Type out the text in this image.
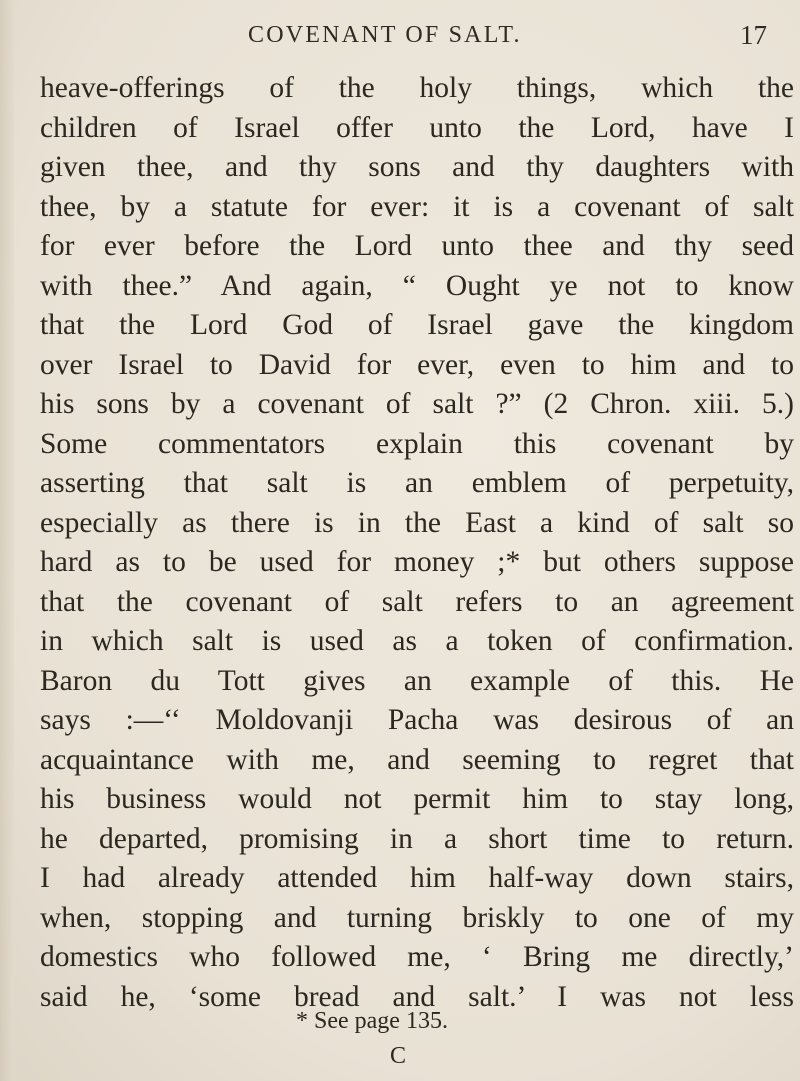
COVENANT OF SALT.	17
heave-offerings of the holy things, which the
children of Israel offer unto the Lord, have I
given thee, and thy sons and thy daughters with
thee, by a statute for ever: it is a covenant of salt
for ever before the Lord unto thee and thy seed
with thee.” And again, “ Ought ye not to know
that the Lord God of Israel gave the kingdom
over Israel to David for ever, even to him and to
his sons by a covenant of salt ?” (2 Chron. xiii. 5.)
Some commentators explain this covenant by
asserting that salt is an emblem of perpetuity,
especially as there is in the East a kind of salt so
hard as to be used for money ;* but others suppose
that the covenant of salt refers to an agreement
in which salt is used as a token of confirmation.
Baron du Tott gives an example of this. He
says :—‘‘ Moldovanji Pacha was desirous of an
acquaintance with me, and seeming to regret that
his business would not permit him to stay long,
he departed, promising in a short time to return.
I had already attended him half-way down stairs,
when, stopping and turning briskly to one of my
domestics who followed me, ‘ Bring me directly,’
said he, ‘some bread and salt.’ I was not less
* See page 135.
C
